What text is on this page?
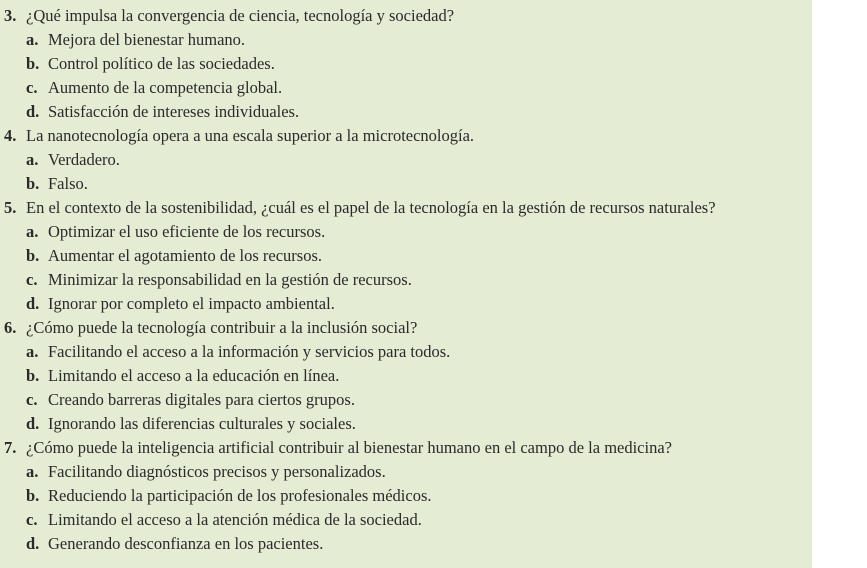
3. ¿Qué impulsa la convergencia de ciencia, tecnología y sociedad?
a. Mejora del bienestar humano.
b. Control político de las sociedades.
c. Aumento de la competencia global.
d. Satisfacción de intereses individuales.
4. La nanotecnología opera a una escala superior a la microtecnología.
a. Verdadero.
b. Falso.
5. En el contexto de la sostenibilidad, ¿cuál es el papel de la tecnología en la gestión de recursos naturales?
a. Optimizar el uso eficiente de los recursos.
b. Aumentar el agotamiento de los recursos.
c. Minimizar la responsabilidad en la gestión de recursos.
d. Ignorar por completo el impacto ambiental.
6. ¿Cómo puede la tecnología contribuir a la inclusión social?
a. Facilitando el acceso a la información y servicios para todos.
b. Limitando el acceso a la educación en línea.
c. Creando barreras digitales para ciertos grupos.
d. Ignorando las diferencias culturales y sociales.
7. ¿Cómo puede la inteligencia artificial contribuir al bienestar humano en el campo de la medicina?
a. Facilitando diagnósticos precisos y personalizados.
b. Reduciendo la participación de los profesionales médicos.
c. Limitando el acceso a la atención médica de la sociedad.
d. Generando desconfianza en los pacientes.
